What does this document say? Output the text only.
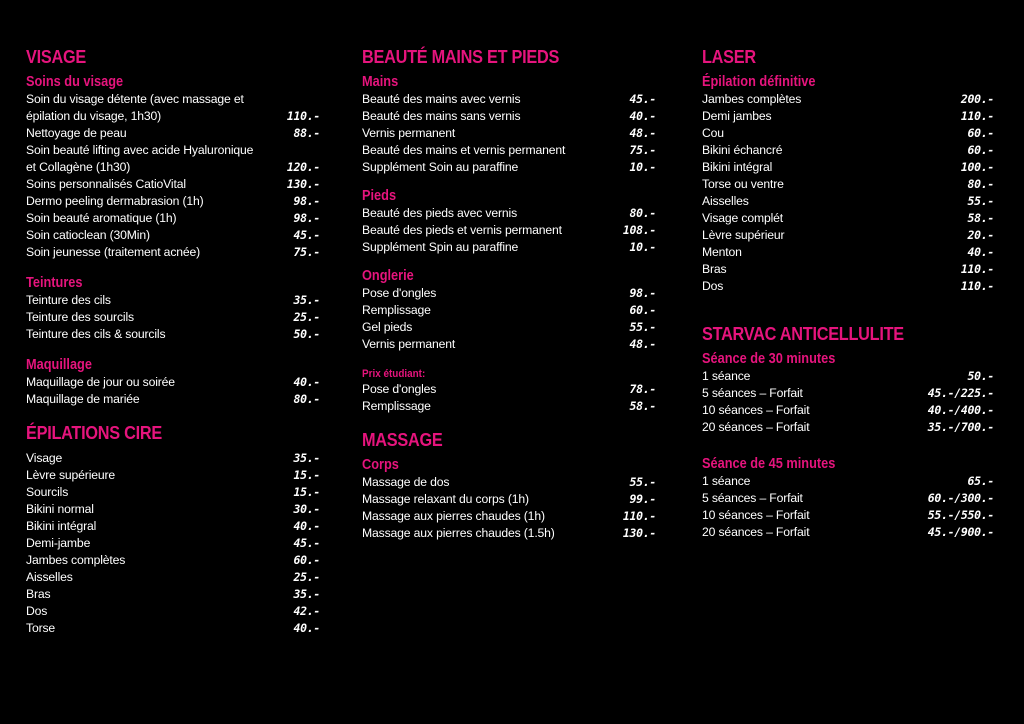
VISAGE
Soins du visage
Soin du visage détente (avec massage et épilation du visage, 1h30)	110.-
Nettoyage de peau	88.-
Soin beauté lifting avec acide Hyaluronique et Collagène (1h30)	120.-
Soins personnalisés CatioVital	130.-
Dermo peeling dermabrasion (1h)	98.-
Soin beauté aromatique (1h)	98.-
Soin catioclean (30Min)	45.-
Soin jeunesse (traitement acnée)	75.-
Teintures
Teinture des cils	35.-
Teinture des sourcils	25.-
Teinture des cils & sourcils	50.-
Maquillage
Maquillage de jour ou soirée	40.-
Maquillage de mariée	80.-
ÉPILATIONS CIRE
Visage	35.-
Lèvre supérieure	15.-
Sourcils	15.-
Bikini normal	30.-
Bikini intégral	40.-
Demi-jambe	45.-
Jambes complètes	60.-
Aisselles	25.-
Bras	35.-
Dos	42.-
Torse	40.-
BEAUTÉ MAINS ET PIEDS
Mains
Beauté des mains avec vernis	45.-
Beauté des mains sans vernis	40.-
Vernis permanent	48.-
Beauté des mains et vernis permanent	75.-
Supplément Soin au paraffine	10.-
Pieds
Beauté des pieds avec vernis	80.-
Beauté des pieds et vernis permanent	108.-
Supplément Spin au paraffine	10.-
Onglerie
Pose d'ongles	98.-
Remplissage	60.-
Gel pieds	55.-
Vernis permanent	48.-
Prix étudiant:
Pose d'ongles	78.-
Remplissage	58.-
MASSAGE
Corps
Massage de dos	55.-
Massage relaxant du corps (1h)	99.-
Massage aux pierres chaudes (1h)	110.-
Massage aux pierres chaudes (1.5h)	130.-
LASER
Épilation définitive
Jambes complètes	200.-
Demi jambes	110.-
Cou	60.-
Bikini échancré	60.-
Bikini intégral	100.-
Torse ou ventre	80.-
Aisselles	55.-
Visage complét	58.-
Lèvre supérieur	20.-
Menton	40.-
Bras	110.-
Dos	110.-
STARVAC ANTICELLULITE
Séance de 30 minutes
1 séance	50.-
5 séances – Forfait	45.-/225.-
10 séances – Forfait	40.-/400.-
20 séances – Forfait	35.-/700.-
Séance de 45 minutes
1 séance	65.-
5 séances – Forfait	60.-/300.-
10 séances – Forfait	55.-/550.-
20 séances – Forfait	45.-/900.-
